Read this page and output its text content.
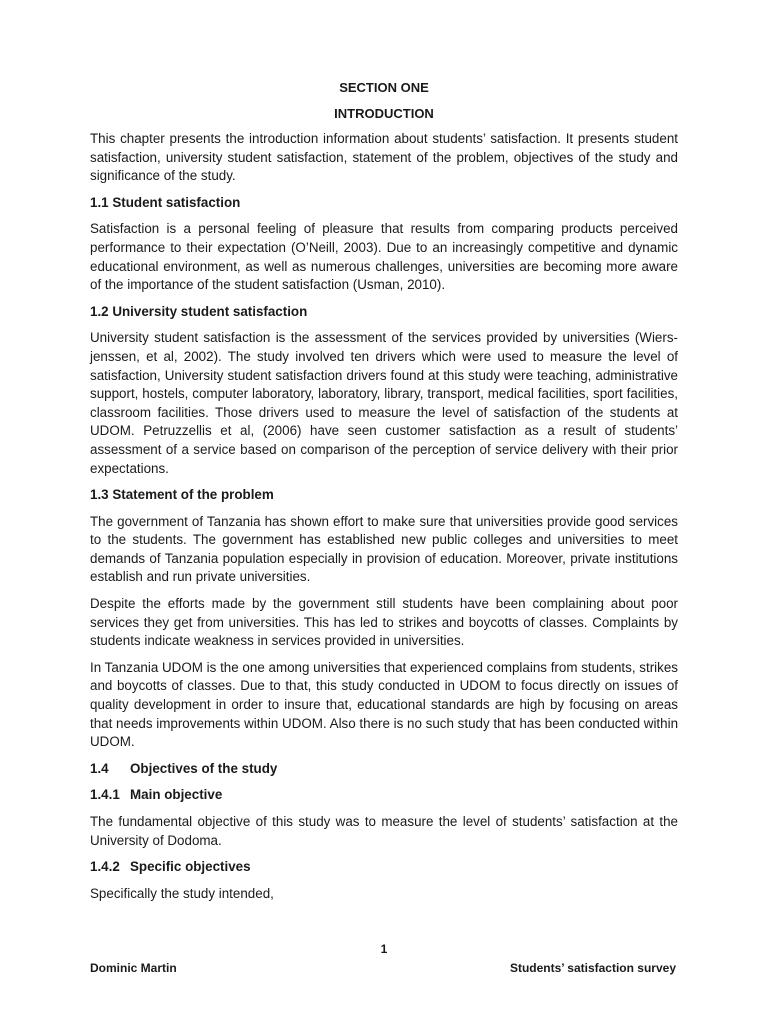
SECTION ONE
INTRODUCTION

This chapter presents the introduction information about students’ satisfaction. It presents student satisfaction, university student satisfaction, statement of the problem, objectives of the study and significance of the study.

1.1 Student satisfaction

Satisfaction is a personal feeling of pleasure that results from comparing products perceived performance to their expectation (O’Neill, 2003). Due to an increasingly competitive and dynamic educational environment, as well as numerous challenges, universities are becoming more aware of the importance of the student satisfaction (Usman, 2010).

1.2 University student satisfaction

University student satisfaction is the assessment of the services provided by universities (Wiers-jenssen, et al, 2002). The study involved ten drivers which were used to measure the level of satisfaction, University student satisfaction drivers found at this study were teaching, administrative support, hostels, computer laboratory, laboratory, library, transport, medical facilities, sport facilities, classroom facilities. Those drivers used to measure the level of satisfaction of the students at UDOM. Petruzzellis et al, (2006) have seen customer satisfaction as a result of students’ assessment of a service based on comparison of the perception of service delivery with their prior expectations.

1.3 Statement of the problem

The government of Tanzania has shown effort to make sure that universities provide good services to the students. The government has established new public colleges and universities to meet demands of Tanzania population especially in provision of education. Moreover, private institutions establish and run private universities.

Despite the efforts made by the government still students have been complaining about poor services they get from universities. This has led to strikes and boycotts of classes. Complaints by students indicate weakness in services provided in universities.

In Tanzania UDOM is the one among universities that experienced complains from students, strikes and boycotts of classes. Due to that, this study conducted in UDOM to focus directly on issues of quality development in order to insure that, educational standards are high by focusing on areas that needs improvements within UDOM. Also there is no such study that has been conducted within UDOM.

1.4 Objectives of the study
1.4.1 Main objective

The fundamental objective of this study was to measure the level of students’ satisfaction at the University of Dodoma.

1.4.2 Specific objectives

Specifically the study intended,

1
Dominic Martin	Students’ satisfaction survey
